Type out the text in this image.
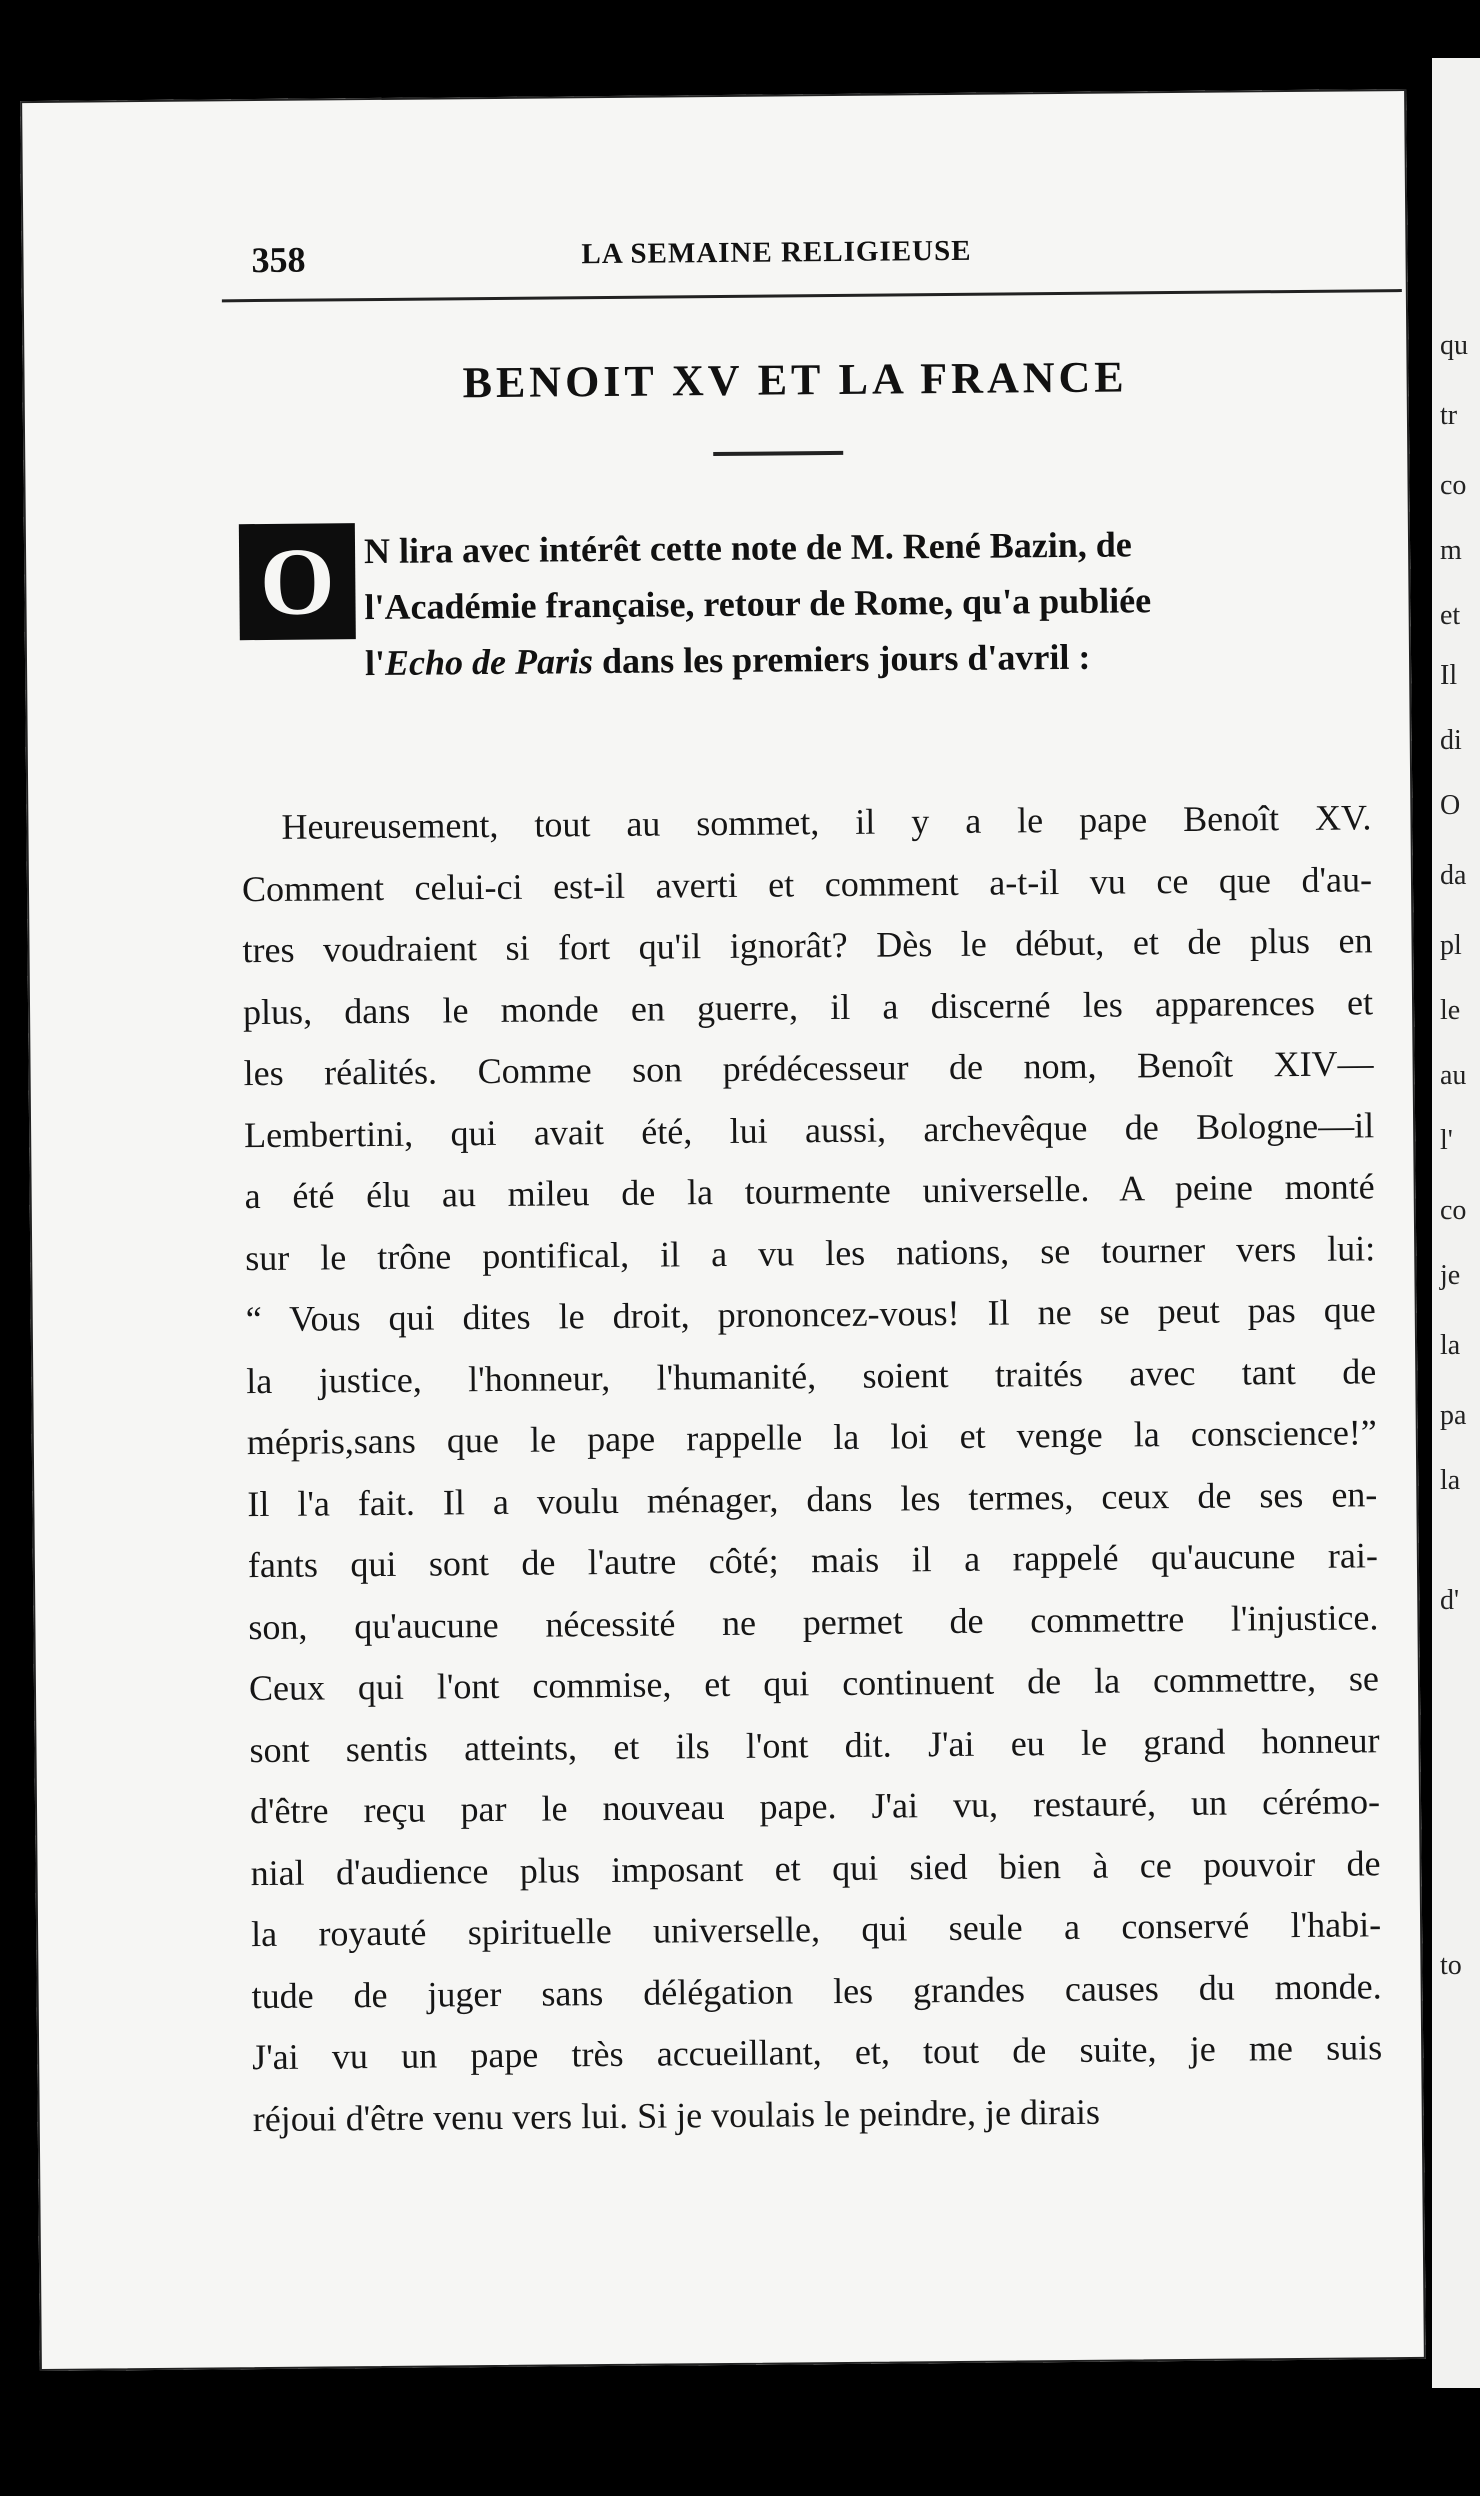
qu
tr
co
m
et
Il
di
O
da
pl
le
au
l'
co
je
la
pa
la
d'
to
358	LA SEMAINE RELIGIEUSE
BENOIT XV ET LA FRANCE
O N lira avec intérêt cette note de M. René Bazin, de
l'Académie française, retour de Rome, qu'a publiée
l'Echo de Paris dans les premiers jours d'avril :
Heureusement, tout au sommet, il y a le pape Benoît XV.
Comment celui-ci est-il averti et comment a-t-il vu ce que d'au-
tres voudraient si fort qu'il ignorât? Dès le début, et de plus en
plus, dans le monde en guerre, il a discerné les apparences et
les réalités. Comme son prédécesseur de nom, Benoît XIV—
Lembertini, qui avait été, lui aussi, archevêque de Bologne—il
a été élu au mileu de la tourmente universelle. A peine monté
sur le trône pontifical, il a vu les nations, se tourner vers lui:
“ Vous qui dites le droit, prononcez-vous! Il ne se peut pas que
la justice, l'honneur, l'humanité, soient traités avec tant de
mépris,sans que le pape rappelle la loi et venge la conscience!”
Il l'a fait. Il a voulu ménager, dans les termes, ceux de ses en-
fants qui sont de l'autre côté; mais il a rappelé qu'aucune rai-
son, qu'aucune nécessité ne permet de commettre l'injustice.
Ceux qui l'ont commise, et qui continuent de la commettre, se
sont sentis atteints, et ils l'ont dit. J'ai eu le grand honneur
d'être reçu par le nouveau pape. J'ai vu, restauré, un cérémo-
nial d'audience plus imposant et qui sied bien à ce pouvoir de
la royauté spirituelle universelle, qui seule a conservé l'habi-
tude de juger sans délégation les grandes causes du monde.
J'ai vu un pape très accueillant, et, tout de suite, je me suis
réjoui d'être venu vers lui. Si je voulais le peindre, je dirais
